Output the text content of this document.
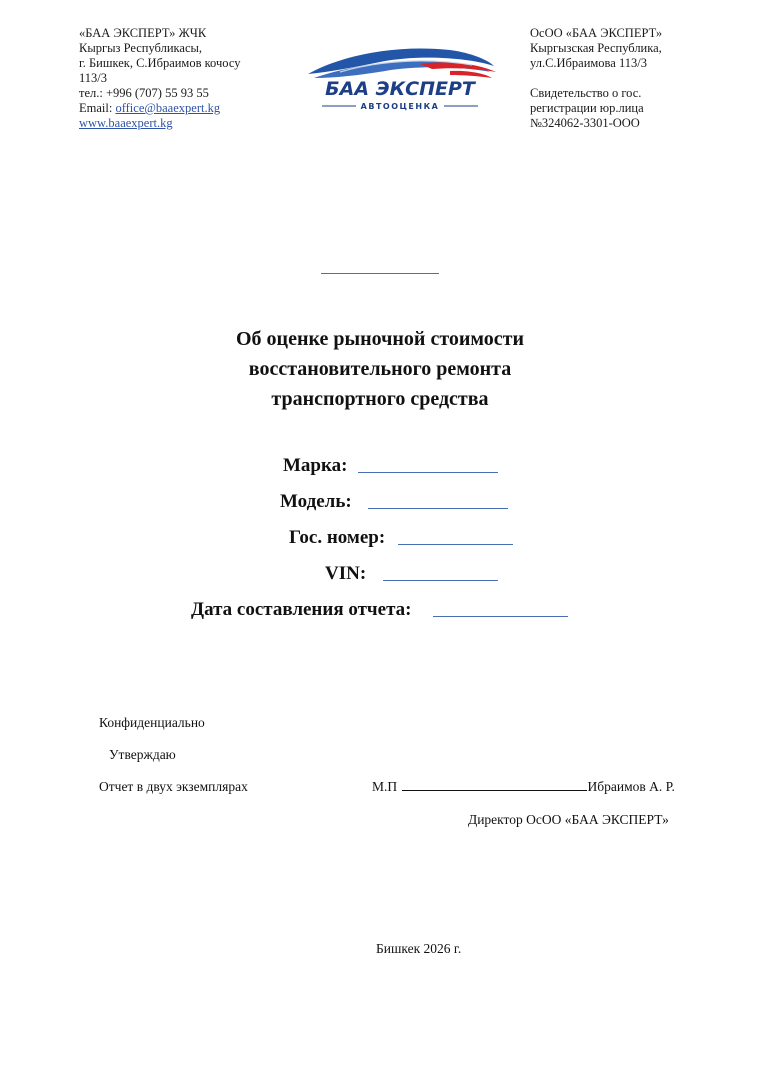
«БАА ЭКСПЕРТ» ЖЧК
Кыргыз Республикасы,
г. Бишкек, С.Ибраимов кочосу
113/3
тел.: +996 (707) 55 93 55
Email: office@baaexpert.kg
www.baaexpert.kg
БАА ЭКСПЕРТ
АВТООЦЕНКА
ОсОО «БАА ЭКСПЕРТ»
Кыргызская Республика,
ул.С.Ибраимова 113/3

Свидетельство о гос.
регистрации юр.лица
№324062-3301-ООО
Об оценке рыночной стоимости
восстановительного ремонта
транспортного средства
Марка:
Модель:
Гос. номер:
VIN:
Дата составления отчета:
Конфиденциально
Утверждаю
Отчет в двух экземплярах	М.П	Ибраимов А. Р.
Директор ОсОО «БАА ЭКСПЕРТ»
Бишкек 2026 г.
